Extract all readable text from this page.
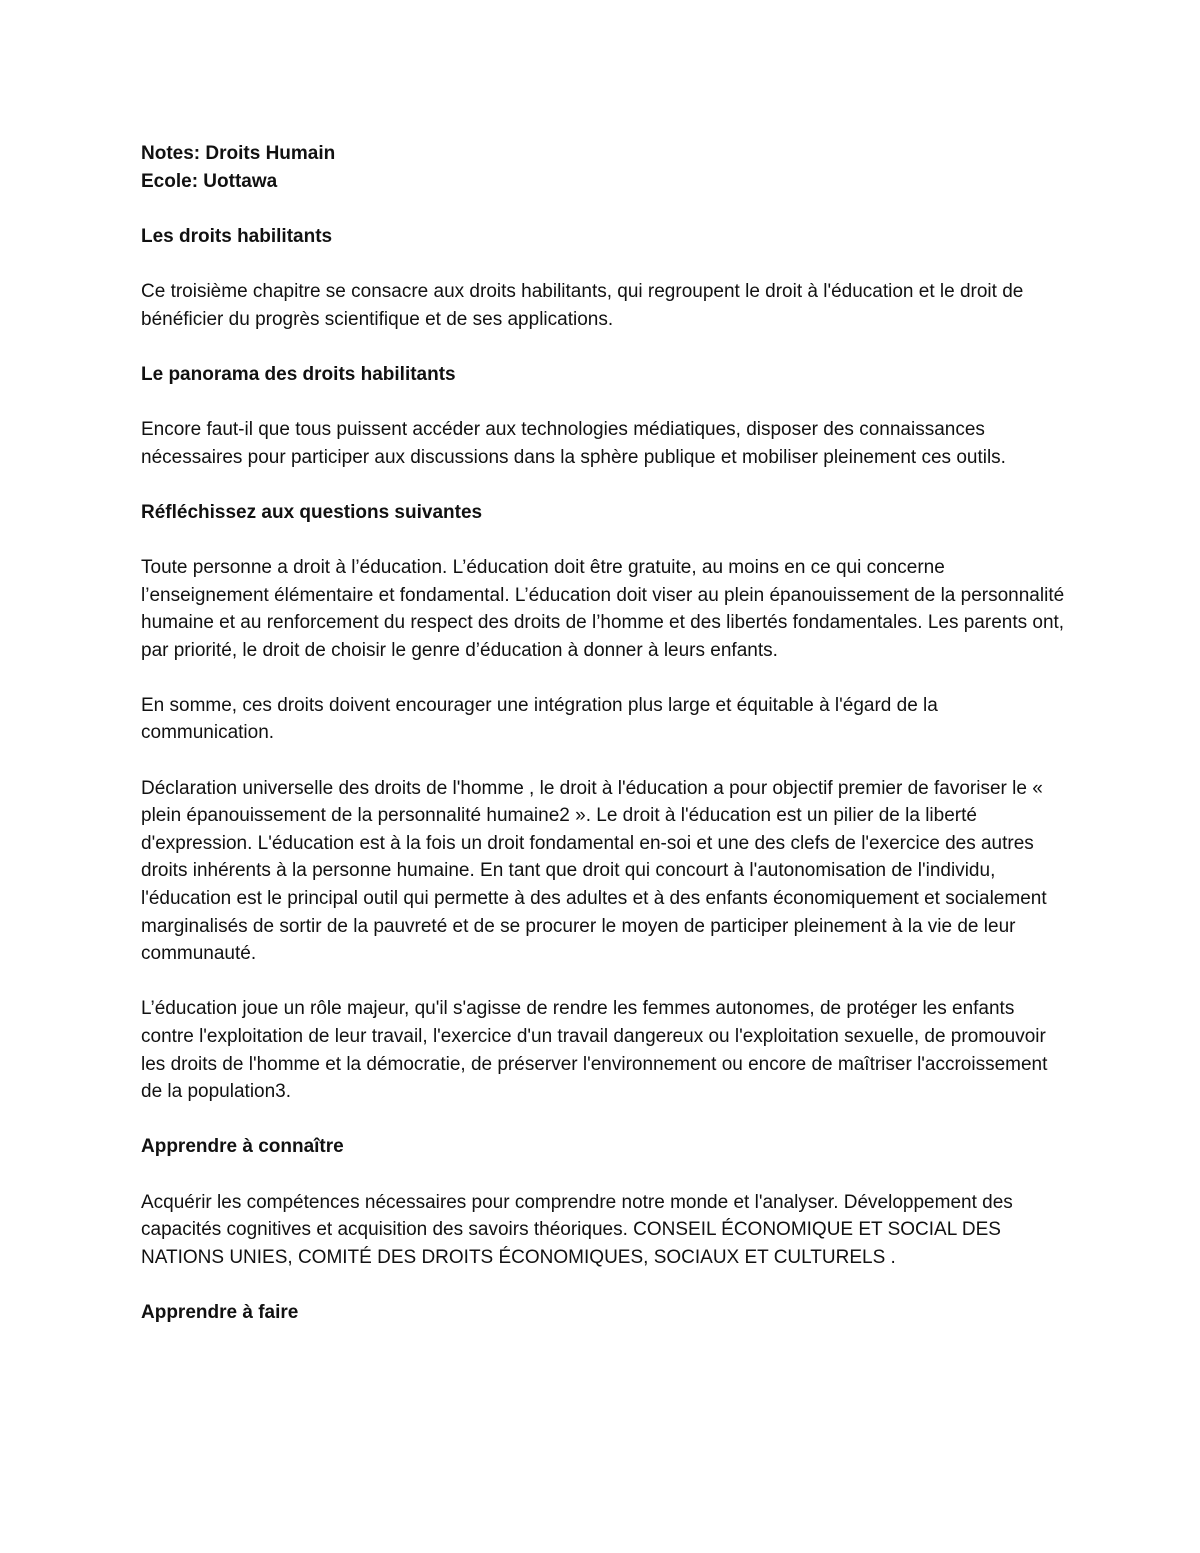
Notes: Droits Humain

Ecole: Uottawa

Les droits habilitants

Ce troisième chapitre se consacre aux droits habilitants, qui regroupent le droit à l'éducation et le droit de bénéficier du progrès scientifique et de ses applications.

Le panorama des droits habilitants

Encore faut-il que tous puissent accéder aux technologies médiatiques, disposer des connaissances nécessaires pour participer aux discussions dans la sphère publique et mobiliser pleinement ces outils.

Réfléchissez aux questions suivantes

Toute personne a droit à l’éducation. L’éducation doit être gratuite, au moins en ce qui concerne l’enseignement élémentaire et fondamental. L’éducation doit viser au plein épanouissement de la personnalité humaine et au renforcement du respect des droits de l’homme et des libertés fondamentales. Les parents ont, par priorité, le droit de choisir le genre d’éducation à donner à leurs enfants.

En somme, ces droits doivent encourager une intégration plus large et équitable à l'égard de la communication.

Déclaration universelle des droits de l'homme , le droit à l'éducation a pour objectif premier de favoriser le « plein épanouissement de la personnalité humaine2 ». Le droit à l'éducation est un pilier de la liberté d'expression. L'éducation est à la fois un droit fondamental en-soi et une des clefs de l'exercice des autres droits inhérents à la personne humaine. En tant que droit qui concourt à l'autonomisation de l'individu, l'éducation est le principal outil qui permette à des adultes et à des enfants économiquement et socialement marginalisés de sortir de la pauvreté et de se procurer le moyen de participer pleinement à la vie de leur communauté.

L’éducation joue un rôle majeur, qu'il s'agisse de rendre les femmes autonomes, de protéger les enfants contre l'exploitation de leur travail, l'exercice d'un travail dangereux ou l'exploitation sexuelle, de promouvoir les droits de l'homme et la démocratie, de préserver l'environnement ou encore de maîtriser l'accroissement de la population3.

Apprendre à connaître

Acquérir les compétences nécessaires pour comprendre notre monde et l'analyser. Développement des capacités cognitives et acquisition des savoirs théoriques. CONSEIL ÉCONOMIQUE ET SOCIAL DES NATIONS UNIES, COMITÉ DES DROITS ÉCONOMIQUES, SOCIAUX ET CULTURELS .

Apprendre à faire
